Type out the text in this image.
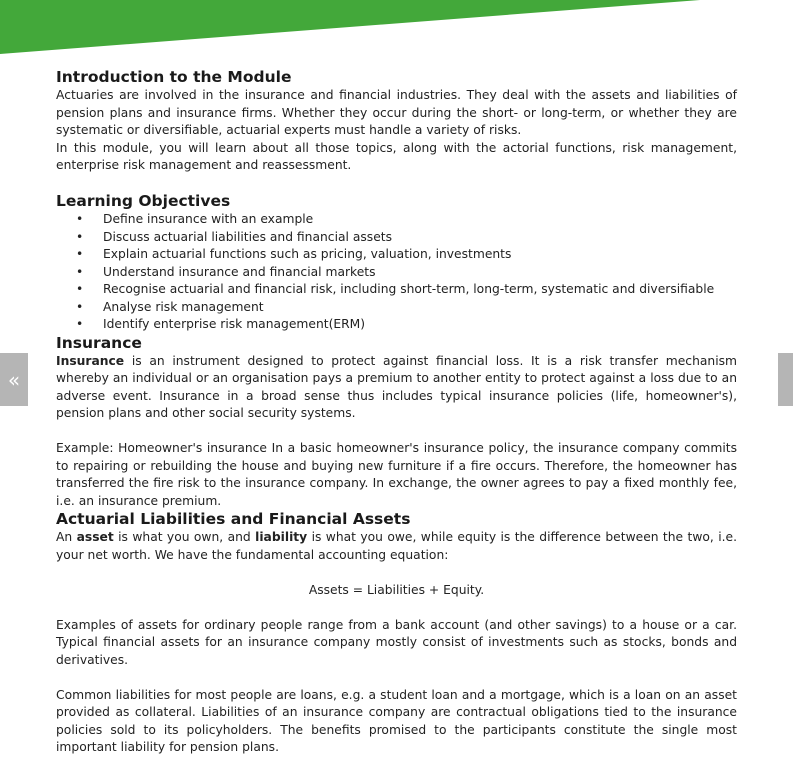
«
Introduction to the Module

Actuaries are involved in the insurance and financial industries. They deal with the assets and liabilities of pension plans and insurance firms. Whether they occur during the short- or long-term, or whether they are systematic or diversifiable, actuarial experts must handle a variety of risks.

In this module, you will learn about all those topics, along with the actorial functions, risk management, enterprise risk management and reassessment.

Learning Objectives
• Define insurance with an example
• Discuss actuarial liabilities and financial assets
• Explain actuarial functions such as pricing, valuation, investments
• Understand insurance and financial markets
• Recognise actuarial and financial risk, including short-term, long-term, systematic and diversifiable
• Analyse risk management
• Identify enterprise risk management(ERM)
Insurance

Insurance is an instrument designed to protect against financial loss. It is a risk transfer mechanism whereby an individual or an organisation pays a premium to another entity to protect against a loss due to an adverse event. Insurance in a broad sense thus includes typical insurance policies (life, homeowner's), pension plans and other social security systems.

Example: Homeowner's insurance In a basic homeowner's insurance policy, the insurance company commits to repairing or rebuilding the house and buying new furniture if a fire occurs. Therefore, the homeowner has transferred the fire risk to the insurance company. In exchange, the owner agrees to pay a fixed monthly fee, i.e. an insurance premium.

Actuarial Liabilities and Financial Assets

An asset is what you own, and liability is what you owe, while equity is the difference between the two, i.e. your net worth. We have the fundamental accounting equation:

Assets = Liabilities + Equity.

Examples of assets for ordinary people range from a bank account (and other savings) to a house or a car. Typical financial assets for an insurance company mostly consist of investments such as stocks, bonds and derivatives.

Common liabilities for most people are loans, e.g. a student loan and a mortgage, which is a loan on an asset provided as collateral. Liabilities of an insurance company are contractual obligations tied to the insurance policies sold to its policyholders. The benefits promised to the participants constitute the single most important liability for pension plans.
